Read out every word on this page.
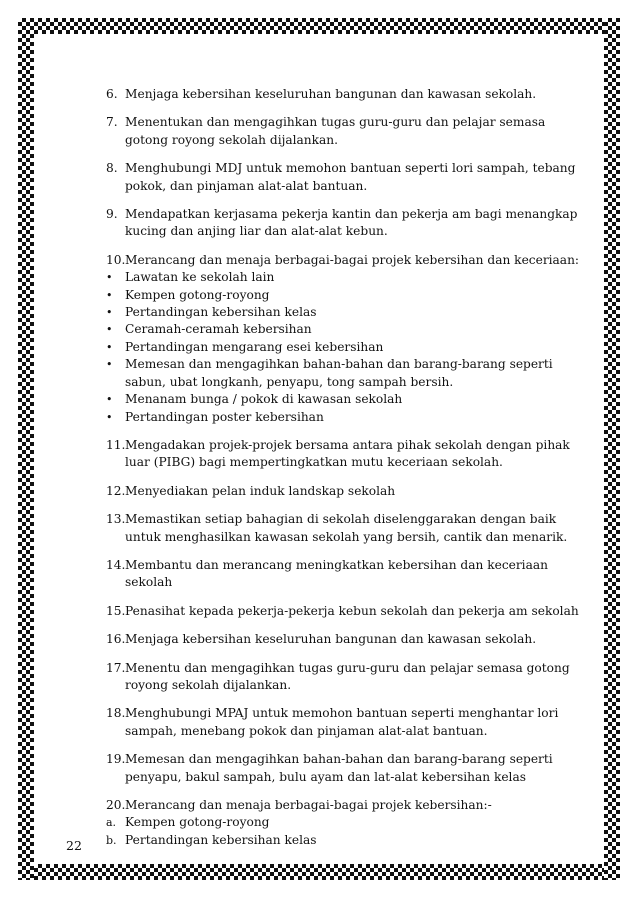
6. Menjaga kebersihan keseluruhan bangunan dan kawasan sekolah.
7. Menentukan dan mengagihkan tugas guru-guru dan pelajar semasa gotong royong sekolah dijalankan.
8. Menghubungi MDJ untuk memohon bantuan seperti lori sampah, tebang pokok, dan pinjaman alat-alat bantuan.
9. Mendapatkan kerjasama pekerja kantin dan pekerja am bagi menangkap kucing dan anjing liar dan alat-alat kebun.
10. Merancang dan menaja berbagai-bagai projek kebersihan dan keceriaan:
• Lawatan ke sekolah lain
• Kempen gotong-royong
• Pertandingan kebersihan kelas
• Ceramah-ceramah kebersihan
• Pertandingan mengarang esei kebersihan
• Memesan dan mengagihkan bahan-bahan dan barang-barang seperti sabun, ubat longkanh, penyapu, tong sampah bersih.
• Menanam bunga / pokok di kawasan sekolah
• Pertandingan poster kebersihan
11. Mengadakan projek-projek bersama antara pihak sekolah dengan pihak luar (PIBG) bagi mempertingkatkan mutu keceriaan sekolah.
12. Menyediakan pelan induk landskap sekolah
13. Memastikan setiap bahagian di sekolah diselenggarakan dengan baik untuk menghasilkan kawasan sekolah yang bersih, cantik dan menarik.
14. Membantu dan merancang meningkatkan kebersihan dan keceriaan sekolah
15. Penasihat kepada pekerja-pekerja kebun sekolah dan pekerja am sekolah
16. Menjaga kebersihan keseluruhan bangunan dan kawasan sekolah.
17. Menentu dan mengagihkan tugas guru-guru dan pelajar semasa gotong royong sekolah dijalankan.
18. Menghubungi MPAJ untuk memohon bantuan seperti menghantar lori sampah, menebang pokok dan pinjaman alat-alat bantuan.
19. Memesan dan mengagihkan bahan-bahan dan barang-barang seperti penyapu, bakul sampah, bulu ayam dan lat-alat kebersihan kelas
20. Merancang dan menaja berbagai-bagai projek kebersihan:-
a. Kempen gotong-royong
b. Pertandingan kebersihan kelas
22
